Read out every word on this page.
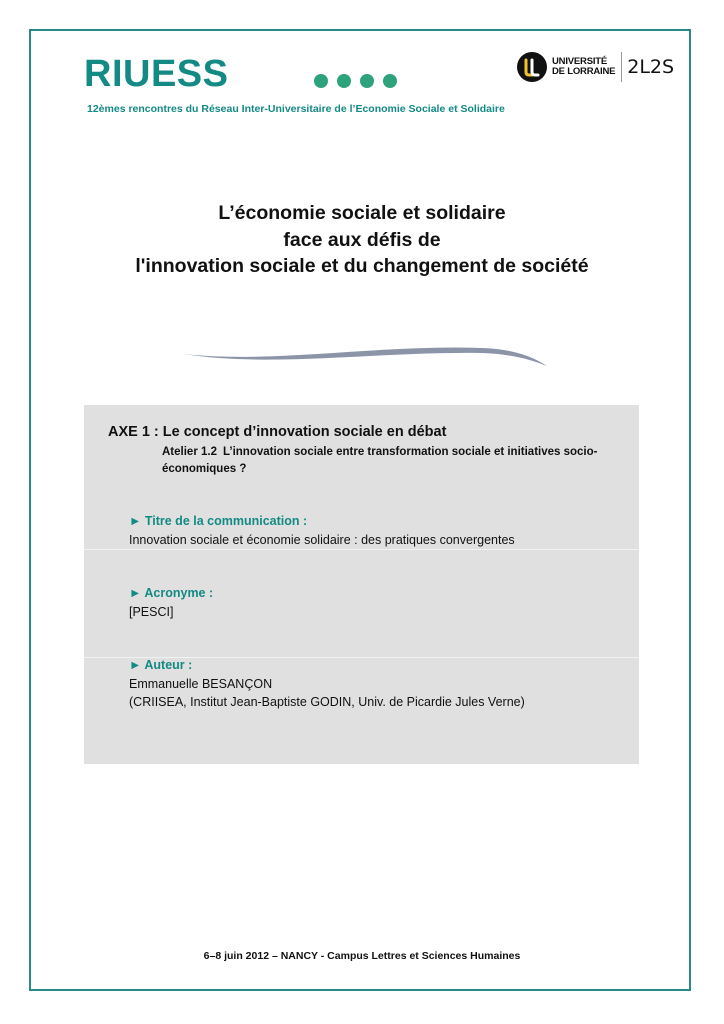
RIUESS
12èmes rencontres du Réseau Inter-Universitaire de l’Economie Sociale et Solidaire
UNIVERSITÉ
DE LORRAINE 2L2S
L’économie sociale et solidaire
face aux défis de
l'innovation sociale et du changement de société
AXE 1 : Le concept d’innovation sociale en débat
Atelier 1.2 L’innovation sociale entre transformation sociale et initiatives socio-économiques ?
► Titre de la communication :
Innovation sociale et économie solidaire : des pratiques convergentes
► Acronyme :
[PESCI]
► Auteur :
Emmanuelle BESANÇON
(CRIISEA, Institut Jean-Baptiste GODIN, Univ. de Picardie Jules Verne)
6–8 juin 2012 – NANCY - Campus Lettres et Sciences Humaines
